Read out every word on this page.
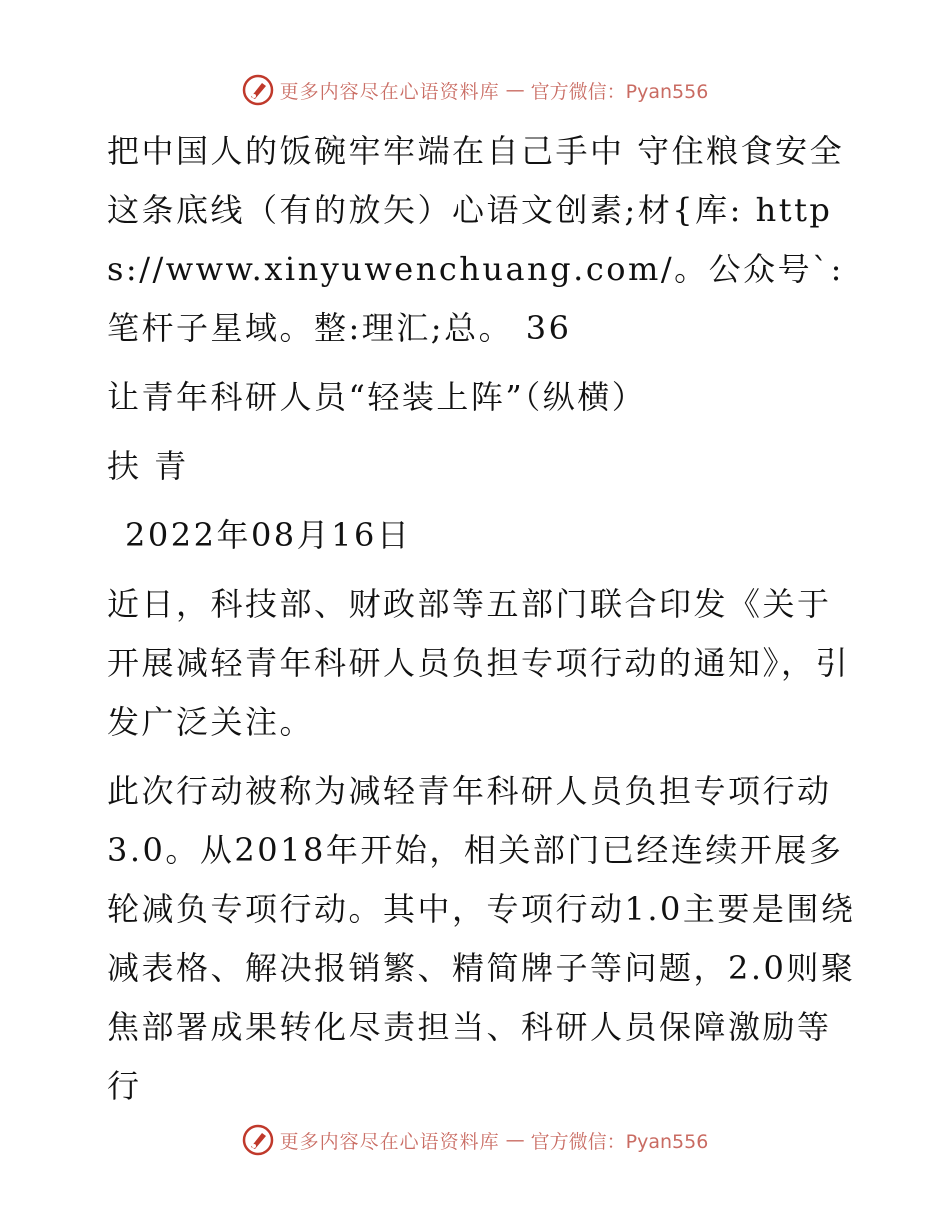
更多内容尽在心语资料库 — 官方微信：Pyan556

把中国人的饭碗牢牢端在自己手中 守住粮食安全这条底线（有的放矢）心语文创素;材{库: https://www.xinyuwenchuang.com/。公众号`: 笔杆子星域。整:理汇;总。 36

让青年科研人员“轻装上阵”（纵横）

扶 青

2022年08月16日

近日，科技部、财政部等五部门联合印发《关于开展减轻青年科研人员负担专项行动的通知》，引发广泛关注。

此次行动被称为减轻青年科研人员负担专项行动3.0。从2018年开始，相关部门已经连续开展多轮减负专项行动。其中，专项行动1.0主要是围绕减表格、解决报销繁、精简牌子等问题，2.0则聚焦部署成果转化尽责担当、科研人员保障激励等行

更多内容尽在心语资料库 — 官方微信：Pyan556
